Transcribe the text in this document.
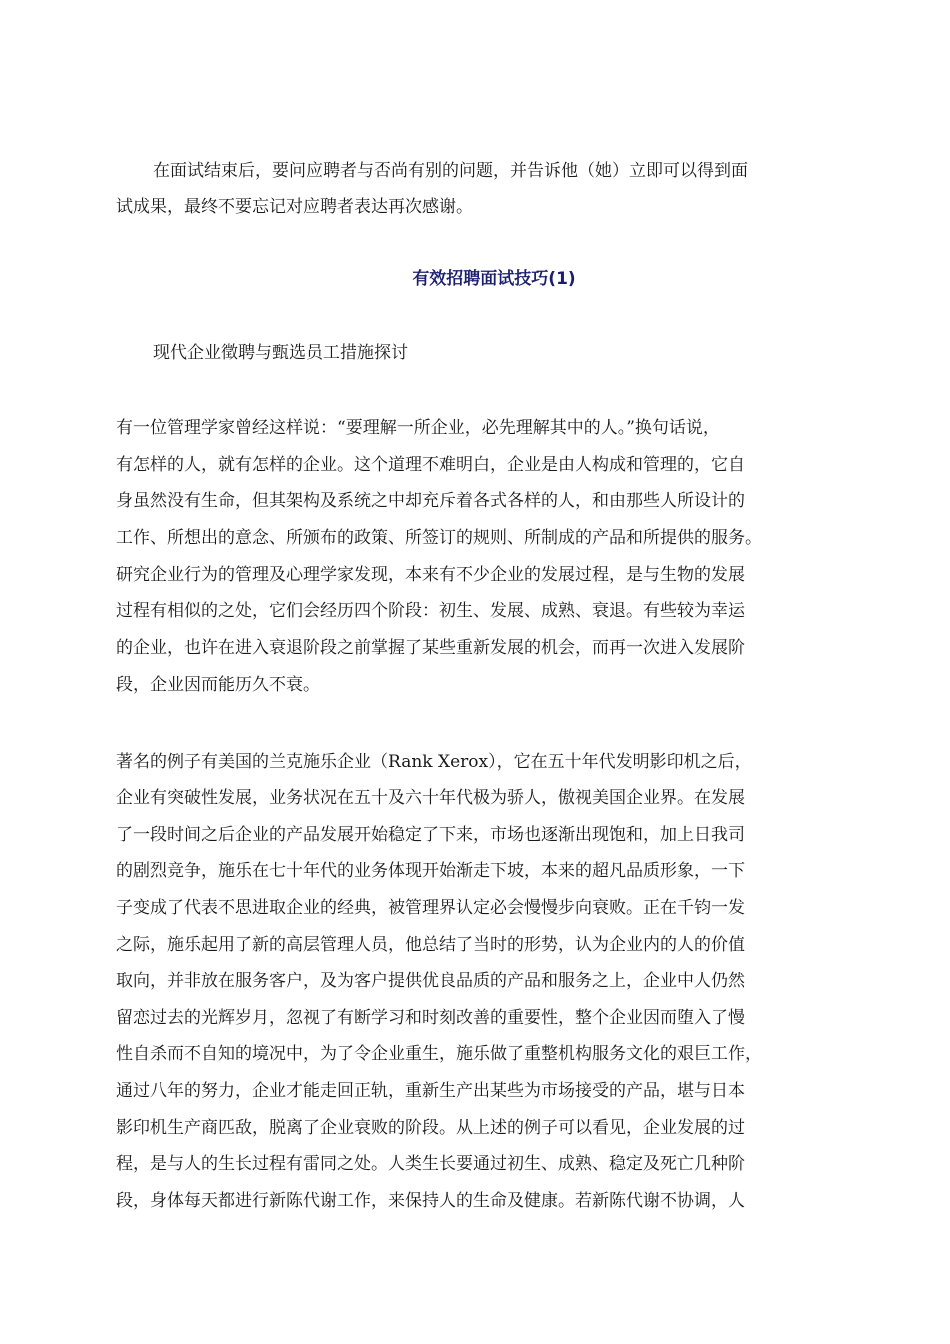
在面试结束后，要问应聘者与否尚有别的问题，并告诉他（她）立即可以得到面
试成果，最终不要忘记对应聘者表达再次感谢。
有效招聘面试技巧(1)
现代企业徵聘与甄选员工措施探讨
有一位管理学家曾经这样说：“要理解一所企业，必先理解其中的人。”换句话说，
有怎样的人，就有怎样的企业。这个道理不难明白，企业是由人构成和管理的，它自
身虽然没有生命，但其架构及系统之中却充斥着各式各样的人，和由那些人所设计的
工作、所想出的意念、所颁布的政策、所签订的规则、所制成的产品和所提供的服务。
研究企业行为的管理及心理学家发现，本来有不少企业的发展过程，是与生物的发展
过程有相似的之处，它们会经历四个阶段：初生、发展、成熟、衰退。有些较为幸运
的企业，也许在进入衰退阶段之前掌握了某些重新发展的机会，而再一次进入发展阶
段，企业因而能历久不衰。
著名的例子有美国的兰克施乐企业（Rank Xerox），它在五十年代发明影印机之后，
企业有突破性发展，业务状况在五十及六十年代极为骄人，傲视美国企业界。在发展
了一段时间之后企业的产品发展开始稳定了下来，市场也逐渐出现饱和，加上日我司
的剧烈竞争，施乐在七十年代的业务体现开始渐走下坡，本来的超凡品质形象，一下
子变成了代表不思进取企业的经典，被管理界认定必会慢慢步向衰败。正在千钧一发
之际，施乐起用了新的高层管理人员，他总结了当时的形势，认为企业内的人的价值
取向，并非放在服务客户，及为客户提供优良品质的产品和服务之上，企业中人仍然
留恋过去的光辉岁月，忽视了有断学习和时刻改善的重要性，整个企业因而堕入了慢
性自杀而不自知的境况中，为了令企业重生，施乐做了重整机构服务文化的艰巨工作，
通过八年的努力，企业才能走回正轨，重新生产出某些为市场接受的产品，堪与日本
影印机生产商匹敌，脱离了企业衰败的阶段。从上述的例子可以看见，企业发展的过
程，是与人的生长过程有雷同之处。人类生长要通过初生、成熟、稳定及死亡几种阶
段，身体每天都进行新陈代谢工作，来保持人的生命及健康。若新陈代谢不协调，人
